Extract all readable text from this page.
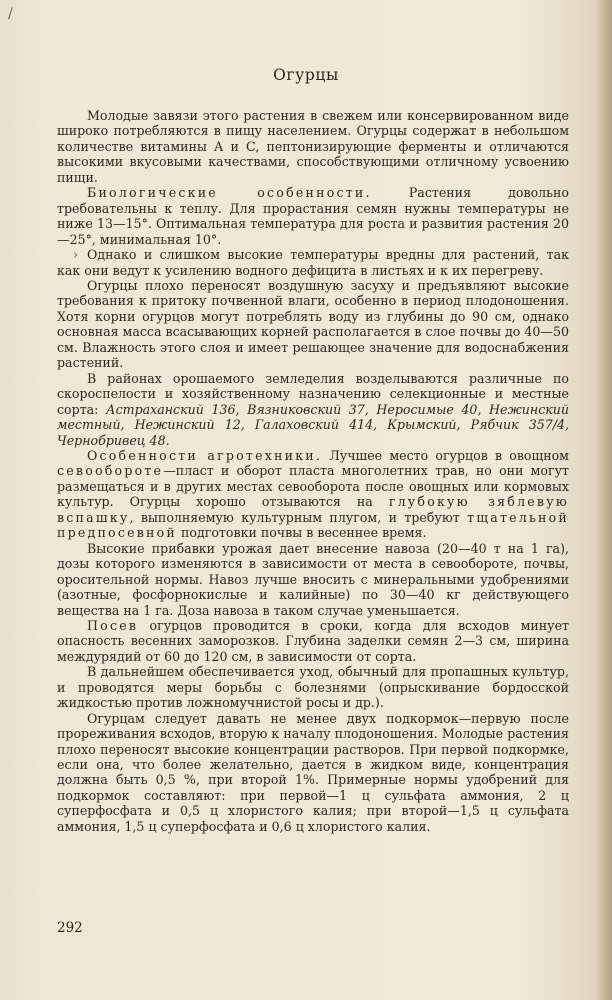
/
Огурцы

Молодые завязи этого растения в свежем или консервированном виде широко потребляются в пищу населением. Огурцы содержат в небольшом количестве витамины A и C, пептонизирующие ферменты и отличаются высокими вкусовыми качествами, способствующими отличному усвоению пищи.

Биологические особенности. Растения довольно требовательны к теплу. Для прорастания семян нужны температуры не ниже 13—15°. Оптимальная температура для роста и развития растения 20—25°, минимальная 10°.

› Однако и слишком высокие температуры вредны для растений, так как они ведут к усилению водного дефицита в листьях и к их перегреву.

Огурцы плохо переносят воздушную засуху и предъявляют высокие требования к притоку почвенной влаги, особенно в период плодоношения. Хотя корни огурцов могут потреблять воду из глубины до 90 см, однако основная масса всасывающих корней располагается в слое почвы до 40—50 см. Влажность этого слоя и имеет решающее значение для водоснабжения растений.

В районах орошаемого земледелия возделываются различные по скороспелости и хозяйственному назначению селекционные и местные сорта: Астраханский 136, Вязниковский 37, Неросимые 40, Нежинский местный, Нежинский 12, Галаховский 414, Крымский, Рябчик 357/4, Чернобривец 48.

Особенности агротехники. Лучшее место огурцов в овощном севообороте—пласт и оборот пласта многолетних трав, но они могут размещаться и в других местах севооборота после овощных или кормовых культур. Огурцы хорошо отзываются на глубокую зяблевую вспашку, выполняемую культурным плугом, и требуют тщательной предпосевной подготовки почвы в весеннее время.

Высокие прибавки урожая дает внесение навоза (20—40 т на 1 га), дозы которого изменяются в зависимости от места в севообороте, почвы, оросительной нормы. Навоз лучше вносить с минеральными удобрениями (азотные, фосфорнокислые и калийные) по 30—40 кг действующего вещества на 1 га. Доза навоза в таком случае уменьшается.

Посев огурцов проводится в сроки, когда для всходов минует опасность весенних заморозков. Глубина заделки семян 2—3 см, ширина междурядий от 60 до 120 см, в зависимости от сорта.

В дальнейшем обеспечивается уход, обычный для пропашных культур, и проводятся меры борьбы с болезнями (опрыскивание бордосской жидкостью против ложномучнистой росы и др.).

Огурцам следует давать не менее двух подкормок—первую после прореживания всходов, вторую к началу плодоношения. Молодые растения плохо переносят высокие концентрации растворов. При первой подкормке, если она, что более желательно, дается в жидком виде, концентрация должна быть 0,5 %, при второй 1%. Примерные нормы удобрений для подкормок составляют: при первой—1 ц сульфата аммония, 2 ц суперфосфата и 0,5 ц хлористого калия; при второй—1,5 ц сульфата аммония, 1,5 ц суперфосфата и 0,6 ц хлористого калия.

292
